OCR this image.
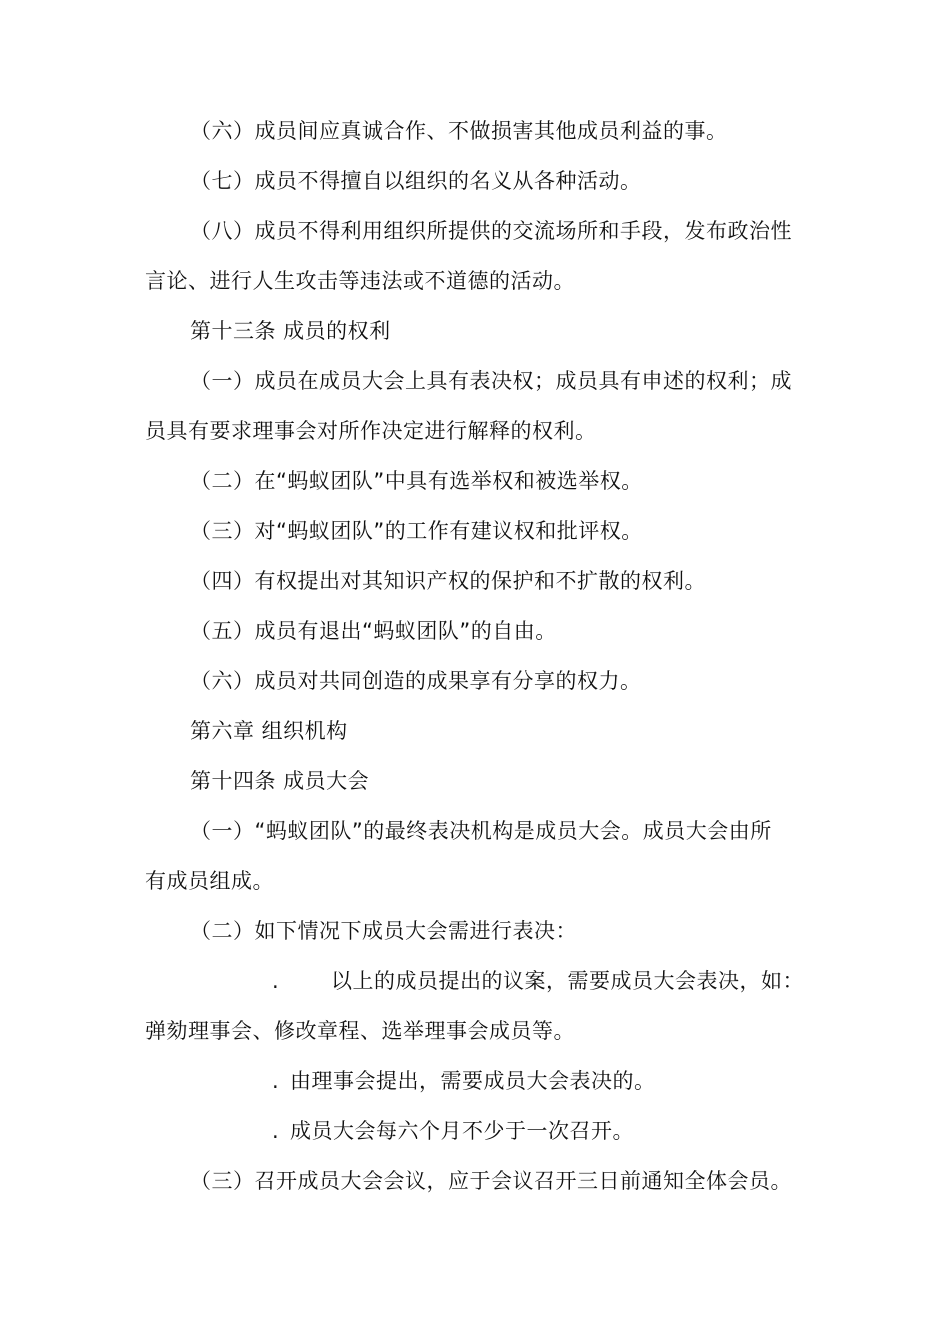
（六）成员间应真诚合作、不做损害其他成员利益的事。
（七）成员不得擅自以组织的名义从各种活动。
（八）成员不得利用组织所提供的交流场所和手段，发布政治性
言论、进行人生攻击等违法或不道德的活动。
第十三条 成员的权利
（一）成员在成员大会上具有表决权；成员具有申述的权利；成
员具有要求理事会对所作决定进行解释的权利。
（二）在“蚂蚁团队”中具有选举权和被选举权。
（三）对“蚂蚁团队”的工作有建议权和批评权。
（四）有权提出对其知识产权的保护和不扩散的权利。
（五）成员有退出“蚂蚁团队”的自由。
（六）成员对共同创造的成果享有分享的权力。
第六章 组织机构
第十四条 成员大会
（一）“蚂蚁团队”的最终表决机构是成员大会。成员大会由所
有成员组成。
（二）如下情况下成员大会需进行表决：
.	以上的成员提出的议案，需要成员大会表决，如：
弹劾理事会、修改章程、选举理事会成员等。
. 由理事会提出，需要成员大会表决的。
. 成员大会每六个月不少于一次召开。
（三）召开成员大会会议，应于会议召开三日前通知全体会员。
